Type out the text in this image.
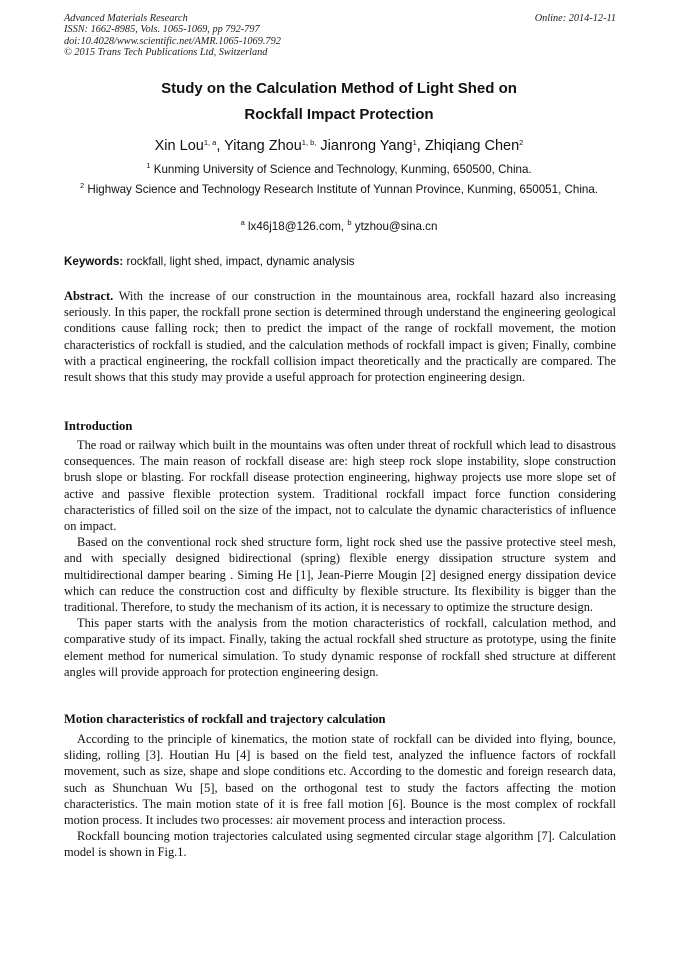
Advanced Materials Research
ISSN: 1662-8985, Vols. 1065-1069, pp 792-797
doi:10.4028/www.scientific.net/AMR.1065-1069.792
© 2015 Trans Tech Publications Ltd, Switzerland
Online: 2014-12-11
Study on the Calculation Method of Light Shed on
Rockfall Impact Protection
Xin Lou$^{1, a}$, Yitang Zhou$^{1, b,}$ Jianrong Yang$^1$, Zhiqiang Chen$^2$
$^1$ Kunming University of Science and Technology, Kunming, 650500, China.
$^2$ Highway Science and Technology Research Institute of Yunnan Province, Kunming, 650051, China.
$^a$ lx46j18@126.com, $^b$ ytzhou@sina.cn
Keywords: rockfall, light shed, impact, dynamic analysis
Abstract. With the increase of our construction in the mountainous area, rockfall hazard also increasing seriously. In this paper, the rockfall prone section is determined through understand the engineering geological conditions cause falling rock; then to predict the impact of the range of rockfall movement, the motion characteristics of rockfall is studied, and the calculation methods of rockfall impact is given; Finally, combine with a practical engineering, the rockfall collision impact theoretically and the practically are compared. The result shows that this study may provide a useful approach for protection engineering design.
Introduction

The road or railway which built in the mountains was often under threat of rockfull which lead to disastrous consequences. The main reason of rockfall disease are: high steep rock slope instability, slope construction brush slope or blasting. For rockfall disease protection engineering, highway projects use more slope set of active and passive flexible protection system. Traditional rockfall impact force function considering characteristics of filled soil on the size of the impact, not to calculate the dynamic characteristics of influence on impact.

Based on the conventional rock shed structure form, light rock shed use the passive protective steel mesh, and with specially designed bidirectional (spring) flexible energy dissipation structure system and multidirectional damper bearing . Siming He [1], Jean-Pierre Mougin [2] designed energy dissipation device which can reduce the construction cost and difficulty by flexible structure. Its flexibility is bigger than the traditional. Therefore, to study the mechanism of its action, it is necessary to optimize the structure design.

This paper starts with the analysis from the motion characteristics of rockfall, calculation method, and comparative study of its impact. Finally, taking the actual rockfall shed structure as prototype, using the finite element method for numerical simulation. To study dynamic response of rockfall shed structure at different angles will provide approach for protection engineering design.

Motion characteristics of rockfall and trajectory calculation

According to the principle of kinematics, the motion state of rockfall can be divided into flying, bounce, sliding, rolling [3]. Houtian Hu [4] is based on the field test, analyzed the influence factors of rockfall movement, such as size, shape and slope conditions etc. According to the domestic and foreign research data, such as Shunchuan Wu [5], based on the orthogonal test to study the factors affecting the motion characteristics. The main motion state of it is free fall motion [6]. Bounce is the most complex of rockfall motion process. It includes two processes: air movement process and interaction process.

Rockfall bouncing motion trajectories calculated using segmented circular stage algorithm [7]. Calculation model is shown in Fig.1.
